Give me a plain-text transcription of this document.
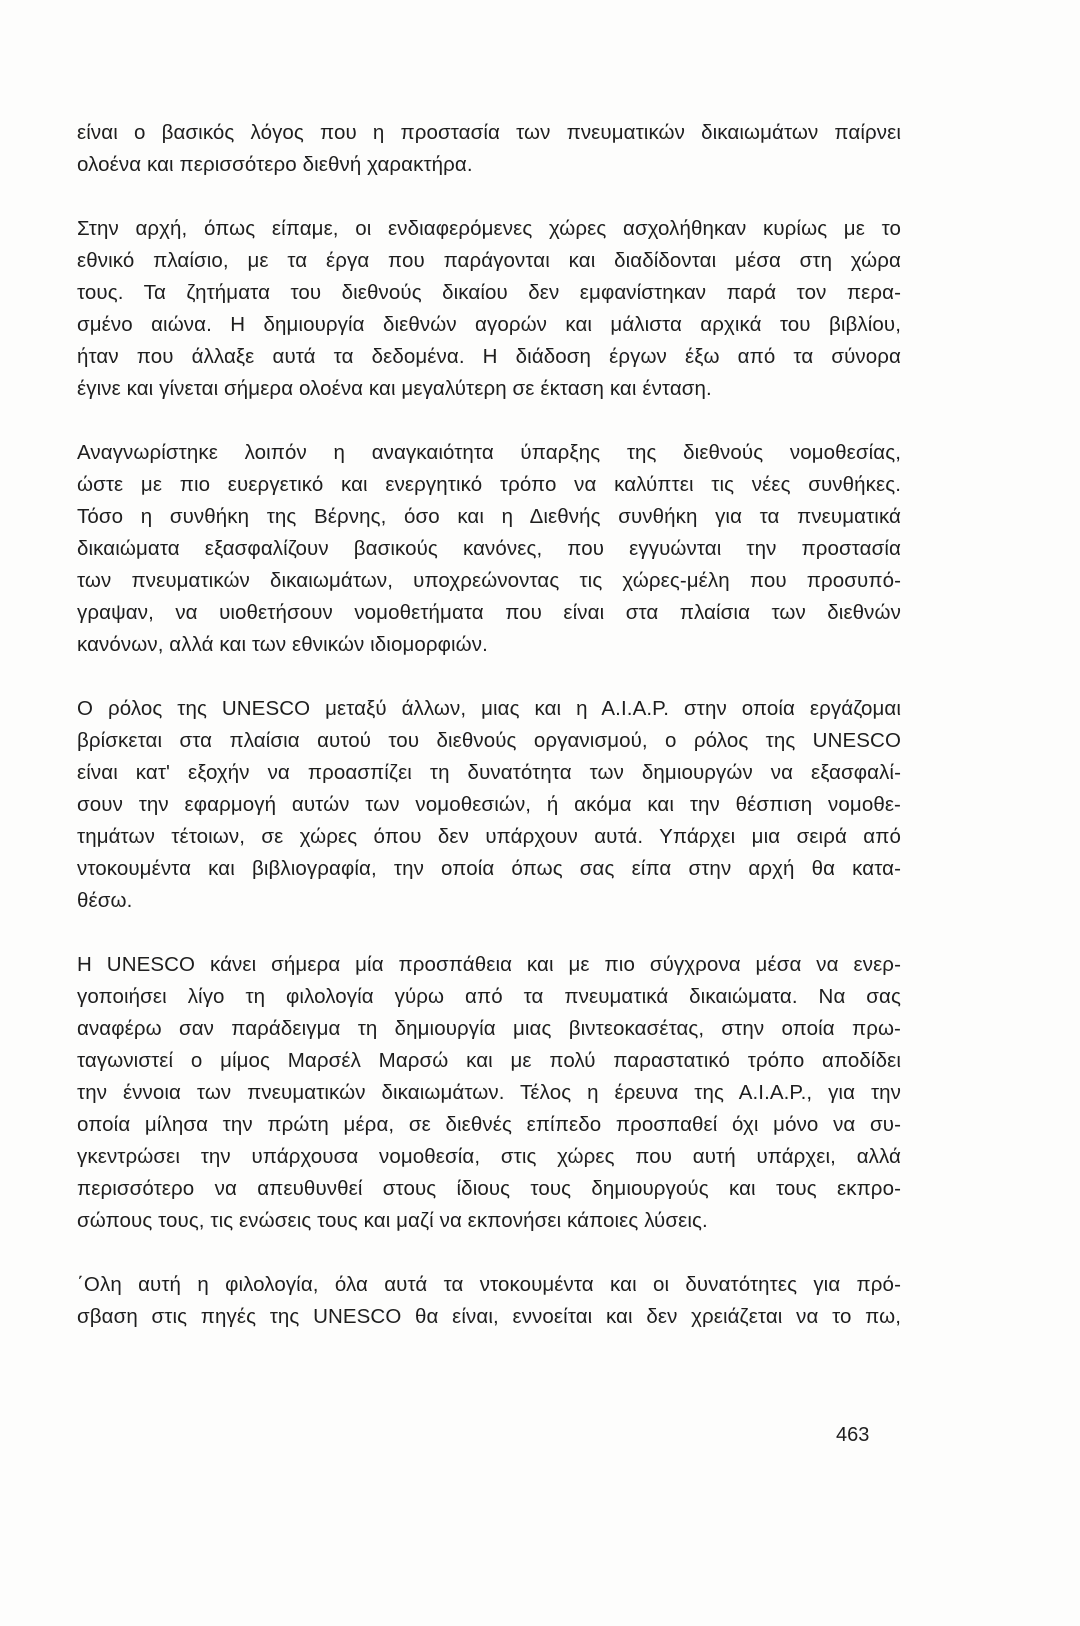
είναι ο βασικός λόγος που η προστασία των πνευματικών δικαιωμάτων παίρνει
ολοένα και περισσότερο διεθνή χαρακτήρα.

Στην αρχή, όπως είπαμε, οι ενδιαφερόμενες χώρες ασχολήθηκαν κυρίως με το
εθνικό πλαίσιο, με τα έργα που παράγονται και διαδίδονται μέσα στη χώρα
τους. Τα ζητήματα του διεθνούς δικαίου δεν εμφανίστηκαν παρά τον περα-
σμένο αιώνα. Η δημιουργία διεθνών αγορών και μάλιστα αρχικά του βιβλίου,
ήταν που άλλαξε αυτά τα δεδομένα. Η διάδοση έργων έξω από τα σύνορα
έγινε και γίνεται σήμερα ολοένα και μεγαλύτερη σε έκταση και ένταση.

Αναγνωρίστηκε λοιπόν η αναγκαιότητα ύπαρξης της διεθνούς νομοθεσίας,
ώστε με πιο ευεργετικό και ενεργητικό τρόπο να καλύπτει τις νέες συνθήκες.
Τόσο η συνθήκη της Βέρνης, όσο και η Διεθνής συνθήκη για τα πνευματικά
δικαιώματα εξασφαλίζουν βασικούς κανόνες, που εγγυώνται την προστασία
των πνευματικών δικαιωμάτων, υποχρεώνοντας τις χώρες-μέλη που προσυπό-
γραψαν, να υιοθετήσουν νομοθετήματα που είναι στα πλαίσια των διεθνών
κανόνων, αλλά και των εθνικών ιδιομορφιών.

Ο ρόλος της UNESCO μεταξύ άλλων, μιας και η Α.Ι.Α.Ρ. στην οποία εργάζομαι
βρίσκεται στα πλαίσια αυτού του διεθνούς οργανισμού, ο ρόλος της UNESCO
είναι κατ' εξοχήν να προασπίζει τη δυνατότητα των δημιουργών να εξασφαλί-
σουν την εφαρμογή αυτών των νομοθεσιών, ή ακόμα και την θέσπιση νομοθε-
τημάτων τέτοιων, σε χώρες όπου δεν υπάρχουν αυτά. Υπάρχει μια σειρά από
ντοκουμέντα και βιβλιογραφία, την οποία όπως σας είπα στην αρχή θα κατα-
θέσω.

Η UNESCO κάνει σήμερα μία προσπάθεια και με πιο σύγχρονα μέσα να ενερ-
γοποιήσει λίγο τη φιλολογία γύρω από τα πνευματικά δικαιώματα. Να σας
αναφέρω σαν παράδειγμα τη δημιουργία μιας βιντεοκασέτας, στην οποία πρω-
ταγωνιστεί ο μίμος Μαρσέλ Μαρσώ και με πολύ παραστατικό τρόπο αποδίδει
την έννοια των πνευματικών δικαιωμάτων. Τέλος η έρευνα της Α.Ι.Α.Ρ., για την
οποία μίλησα την πρώτη μέρα, σε διεθνές επίπεδο προσπαθεί όχι μόνο να συ-
γκεντρώσει την υπάρχουσα νομοθεσία, στις χώρες που αυτή υπάρχει, αλλά
περισσότερο να απευθυνθεί στους ίδιους τους δημιουργούς και τους εκπρο-
σώπους τους, τις ενώσεις τους και μαζί να εκπονήσει κάποιες λύσεις.

΄Ολη αυτή η φιλολογία, όλα αυτά τα ντοκουμέντα και οι δυνατότητες για πρό-
σβαση στις πηγές της UNESCO θα είναι, εννοείται και δεν χρειάζεται να το πω,

463
